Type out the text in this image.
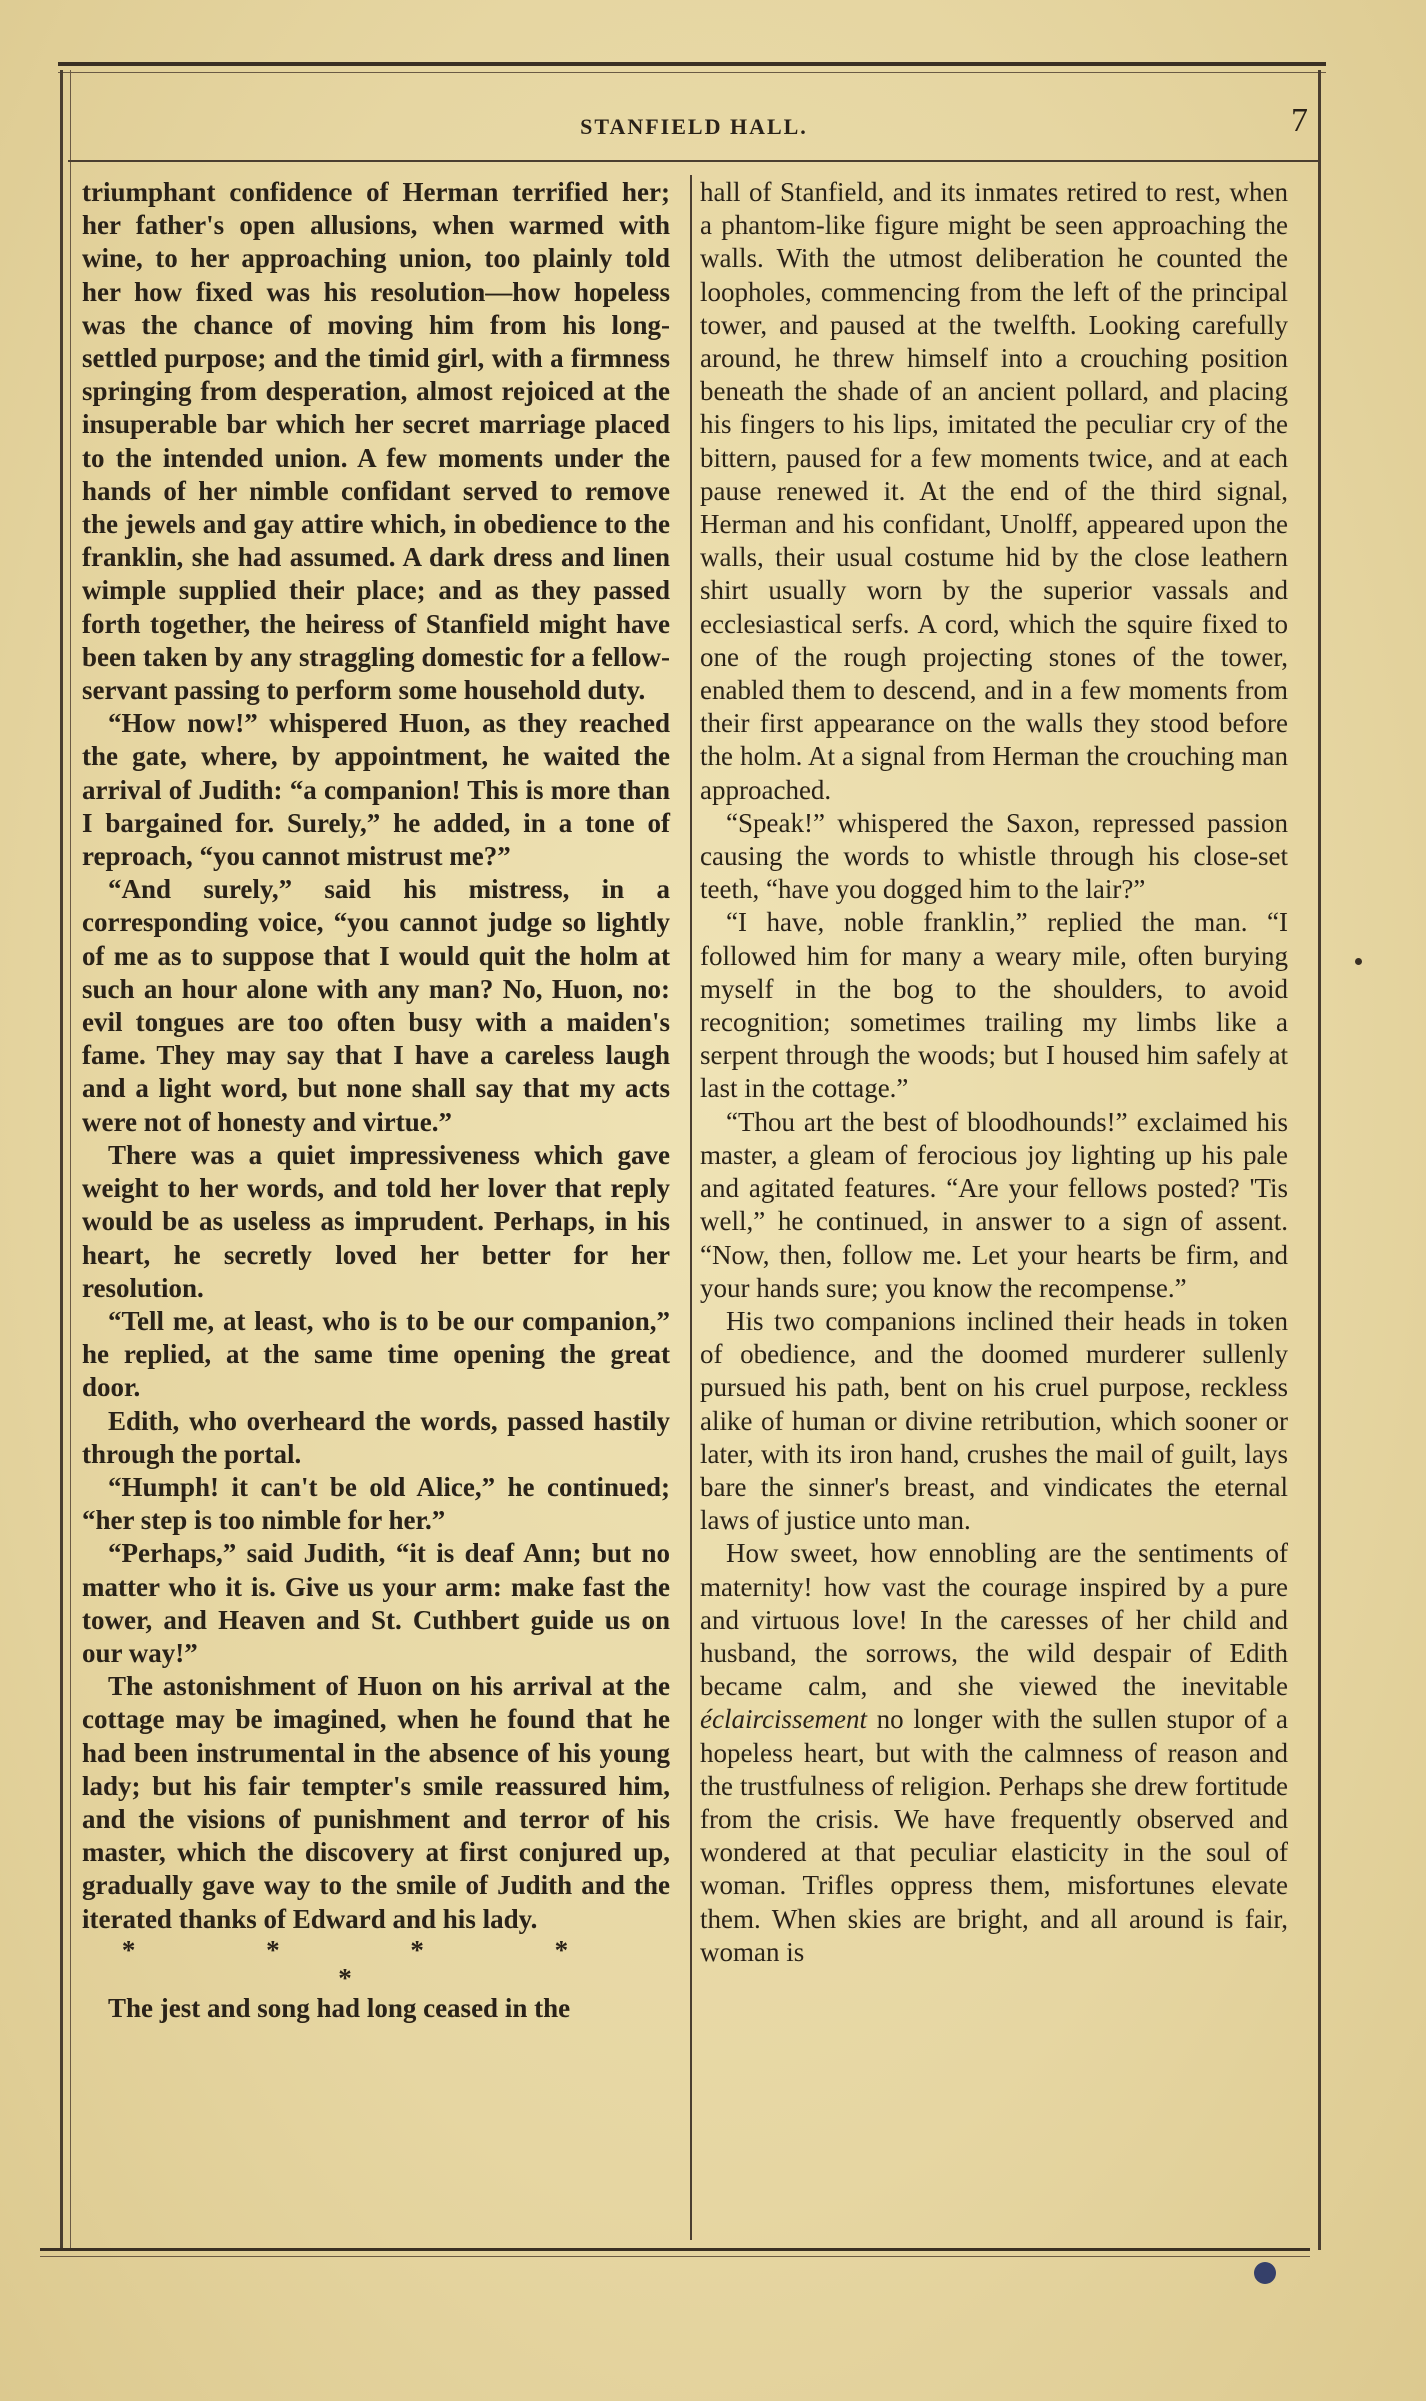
STANFIELD HALL.	7

triumphant confidence of Herman terrified her; her father's open allusions, when warmed with wine, to her approaching union, too plainly told her how fixed was his resolution—how hopeless was the chance of moving him from his long-settled purpose; and the timid girl, with a firmness springing from desperation, almost rejoiced at the insuperable bar which her secret marriage placed to the intended union. A few moments under the hands of her nimble confidant served to remove the jewels and gay attire which, in obedience to the franklin, she had assumed. A dark dress and linen wimple supplied their place; and as they passed forth together, the heiress of Stanfield might have been taken by any straggling domestic for a fellow-servant passing to perform some household duty.

“How now!” whispered Huon, as they reached the gate, where, by appointment, he waited the arrival of Judith: “a companion! This is more than I bargained for. Surely,” he added, in a tone of reproach, “you cannot mistrust me?”

“And surely,” said his mistress, in a corresponding voice, “you cannot judge so lightly of me as to suppose that I would quit the holm at such an hour alone with any man? No, Huon, no: evil tongues are too often busy with a maiden's fame. They may say that I have a careless laugh and a light word, but none shall say that my acts were not of honesty and virtue.”

There was a quiet impressiveness which gave weight to her words, and told her lover that reply would be as useless as imprudent. Perhaps, in his heart, he secretly loved her better for her resolution.

“Tell me, at least, who is to be our companion,” he replied, at the same time opening the great door.

Edith, who overheard the words, passed hastily through the portal.

“Humph! it can't be old Alice,” he continued; “her step is too nimble for her.”

“Perhaps,” said Judith, “it is deaf Ann; but no matter who it is. Give us your arm: make fast the tower, and Heaven and St. Cuthbert guide us on our way!”

The astonishment of Huon on his arrival at the cottage may be imagined, when he found that he had been instrumental in the absence of his young lady; but his fair tempter's smile reassured him, and the visions of punishment and terror of his master, which the discovery at first conjured up, gradually gave way to the smile of Judith and the iterated thanks of Edward and his lady.

* * * * *

The jest and song had long ceased in the

hall of Stanfield, and its inmates retired to rest, when a phantom-like figure might be seen approaching the walls. With the utmost deliberation he counted the loopholes, commencing from the left of the principal tower, and paused at the twelfth. Looking carefully around, he threw himself into a crouching position beneath the shade of an ancient pollard, and placing his fingers to his lips, imitated the peculiar cry of the bittern, paused for a few moments twice, and at each pause renewed it. At the end of the third signal, Herman and his confidant, Unolff, appeared upon the walls, their usual costume hid by the close leathern shirt usually worn by the superior vassals and ecclesiastical serfs. A cord, which the squire fixed to one of the rough projecting stones of the tower, enabled them to descend, and in a few moments from their first appearance on the walls they stood before the holm. At a signal from Herman the crouching man approached.

“Speak!” whispered the Saxon, repressed passion causing the words to whistle through his close-set teeth, “have you dogged him to the lair?”

“I have, noble franklin,” replied the man. “I followed him for many a weary mile, often burying myself in the bog to the shoulders, to avoid recognition; sometimes trailing my limbs like a serpent through the woods; but I housed him safely at last in the cottage.”

“Thou art the best of bloodhounds!” exclaimed his master, a gleam of ferocious joy lighting up his pale and agitated features. “Are your fellows posted? 'Tis well,” he continued, in answer to a sign of assent. “Now, then, follow me. Let your hearts be firm, and your hands sure; you know the recompense.”

His two companions inclined their heads in token of obedience, and the doomed murderer sullenly pursued his path, bent on his cruel purpose, reckless alike of human or divine retribution, which sooner or later, with its iron hand, crushes the mail of guilt, lays bare the sinner's breast, and vindicates the eternal laws of justice unto man.

How sweet, how ennobling are the sentiments of maternity! how vast the courage inspired by a pure and virtuous love! In the caresses of her child and husband, the sorrows, the wild despair of Edith became calm, and she viewed the inevitable éclaircissement no longer with the sullen stupor of a hopeless heart, but with the calmness of reason and the trustfulness of religion. Perhaps she drew fortitude from the crisis. We have frequently observed and wondered at that peculiar elasticity in the soul of woman. Trifles oppress them, misfortunes elevate them. When skies are bright, and all around is fair, woman is
